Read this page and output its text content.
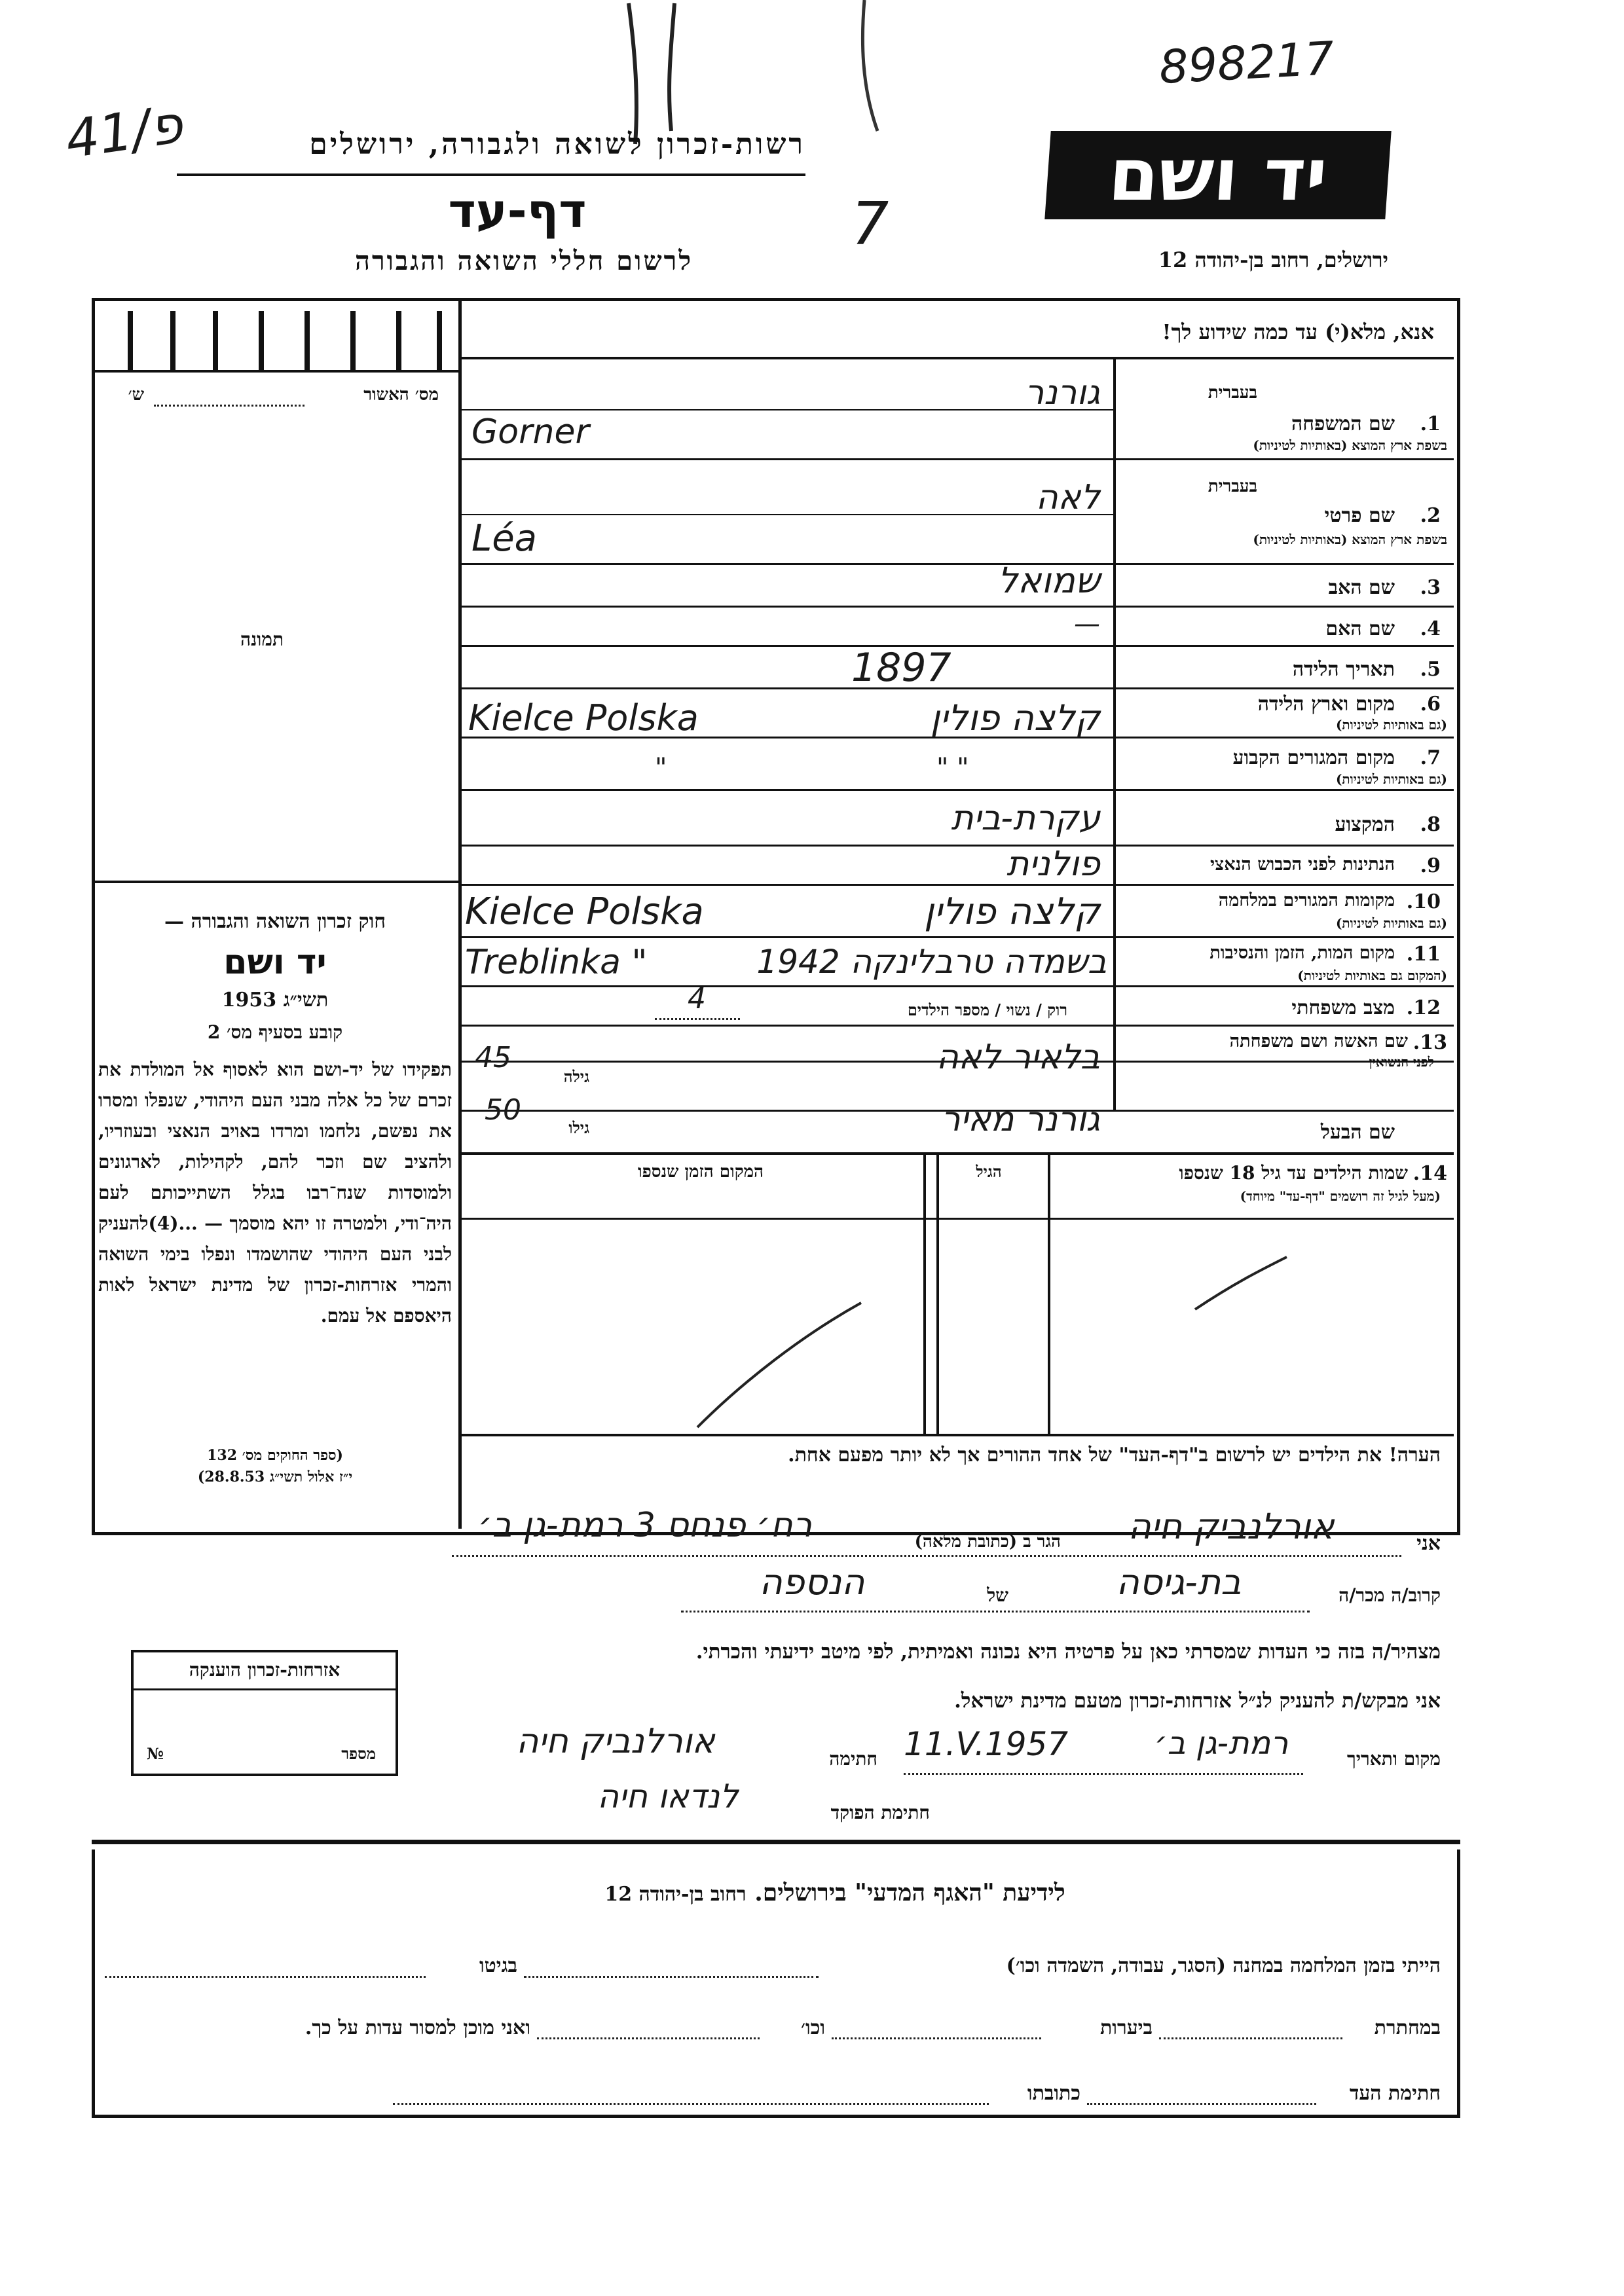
898217
41/פ
7
רשות-זכרון לשואה ולגבורה, ירושלים
דף-עד
לרשום חללי השואה והגבורה
יד ושם
ירושלים, רחוב בן-יהודה 12
מס׳ האשור
ש׳
תמונה
אנא, מלא(י) עד כמה שידוע לך!
בעברית
1.
שם המשפחה
בשפת ארץ המוצא (באותיות לטיניות)
גורנר
Gorner
בעברית
2.
שם פרטי
בשפת ארץ המוצא (באותיות לטיניות)
לאה
Léa
3.
שם האב
שמואל
4.
שם האם
—
5.
תאריך הלידה
1897
6.
מקום וארץ הלידה
(גם באותיות לטיניות)
Kielce Polska	קלצה פולין
7.
מקום המגורים הקבוע
(גם באותיות לטיניות)
"	" "
8.
המקצוע
עקרת-בית
9.
הנתינות לפני הכבוש הנאצי
פולנית
10.
מקומות המגורים במלחמה
(גם באותיות לטיניות)
Kielce Polska	קלצה פולין
11.
מקום המות, הזמן והנסיבות
(המקום גם באותיות לטיניות)
Treblinka "	בשמדה טרבלינקה 1942
12.
מצב משפחתי
רוק / נשוי / מספר הילדים
4
13.
שם האשה ושם משפחתה
לפני הנשואין
בלאיר לאה
גילה
45
שם הבעל
גורנר מאיר
גילו
50
14.
שמות הילדים עד גיל 18 שנספו
(מעל לגיל זה רושמים "דף-עד" מיוחד)
הגיל
המקום הזמן שנספו
הערה! את הילדים יש לרשום ב"דף-העד" של אחד ההורים אך לא יותר מפעם אחת.
חוק זכרון השואה והגבורה —
יד ושם
1953 תשי״ג
קובע בסעיף מס׳ 2
תפקידו של יד-ושם הוא לאסוף אל המולדת את זכרם של כל אלה מבני העם היהודי, שנפלו ומסרו את נפשם, נלחמו ומרדו באויב הנאצי ובעוזריו, ולהציב שם וזכר להם, לקהילות, לארגונים ולמוסדות שנח־רבו בגלל השתייכותם לעם היה־ודי, ולמטרה זו יהא מוסמך — ...(4)להעניק לבני העם היהודי שהושמדו ונפלו בימי השואה והמרי אזרחות-זכרון של מדינת ישראל לאות היאספם אל עמם.
(ספר החוקים מס׳ 132
י״ז אלול תשי״ג 28.8.53)
אני
אורלנביק חיה
הגר ב (כתובת מלאה)
רח׳ פנחס 3 רמת-גן ב׳
קרוב/ה מכר/ה
בת-גיסה
של
הנספה
מצהיר/ה בזה כי העדות שמסרתי כאן על פרטיה היא נכונה ואמיתית, לפי מיטב ידיעתי והכרתי.
אני מבקש/ת להעניק לנ״ל אזרחות-זכרון מטעם מדינת ישראל.
מקום ותאריך
רמת-גן ב׳
11.V.1957
חתימה
אורלנביק חיה
חתימת הפוקד
לנדאו חיה
אזרחות-זכרון הוענקה
№	מספר
לידיעת "האגף המדעי" בירושלים. רחוב בן-יהודה 12
הייתי בזמן המלחמה במחנה (הסגר, עבודה, השמדה וכו׳)
בגיטו
במחתרת
ביערות
וכו׳
ואני מוכן למסור עדות על כך.
חתימת העד
כתובתו
